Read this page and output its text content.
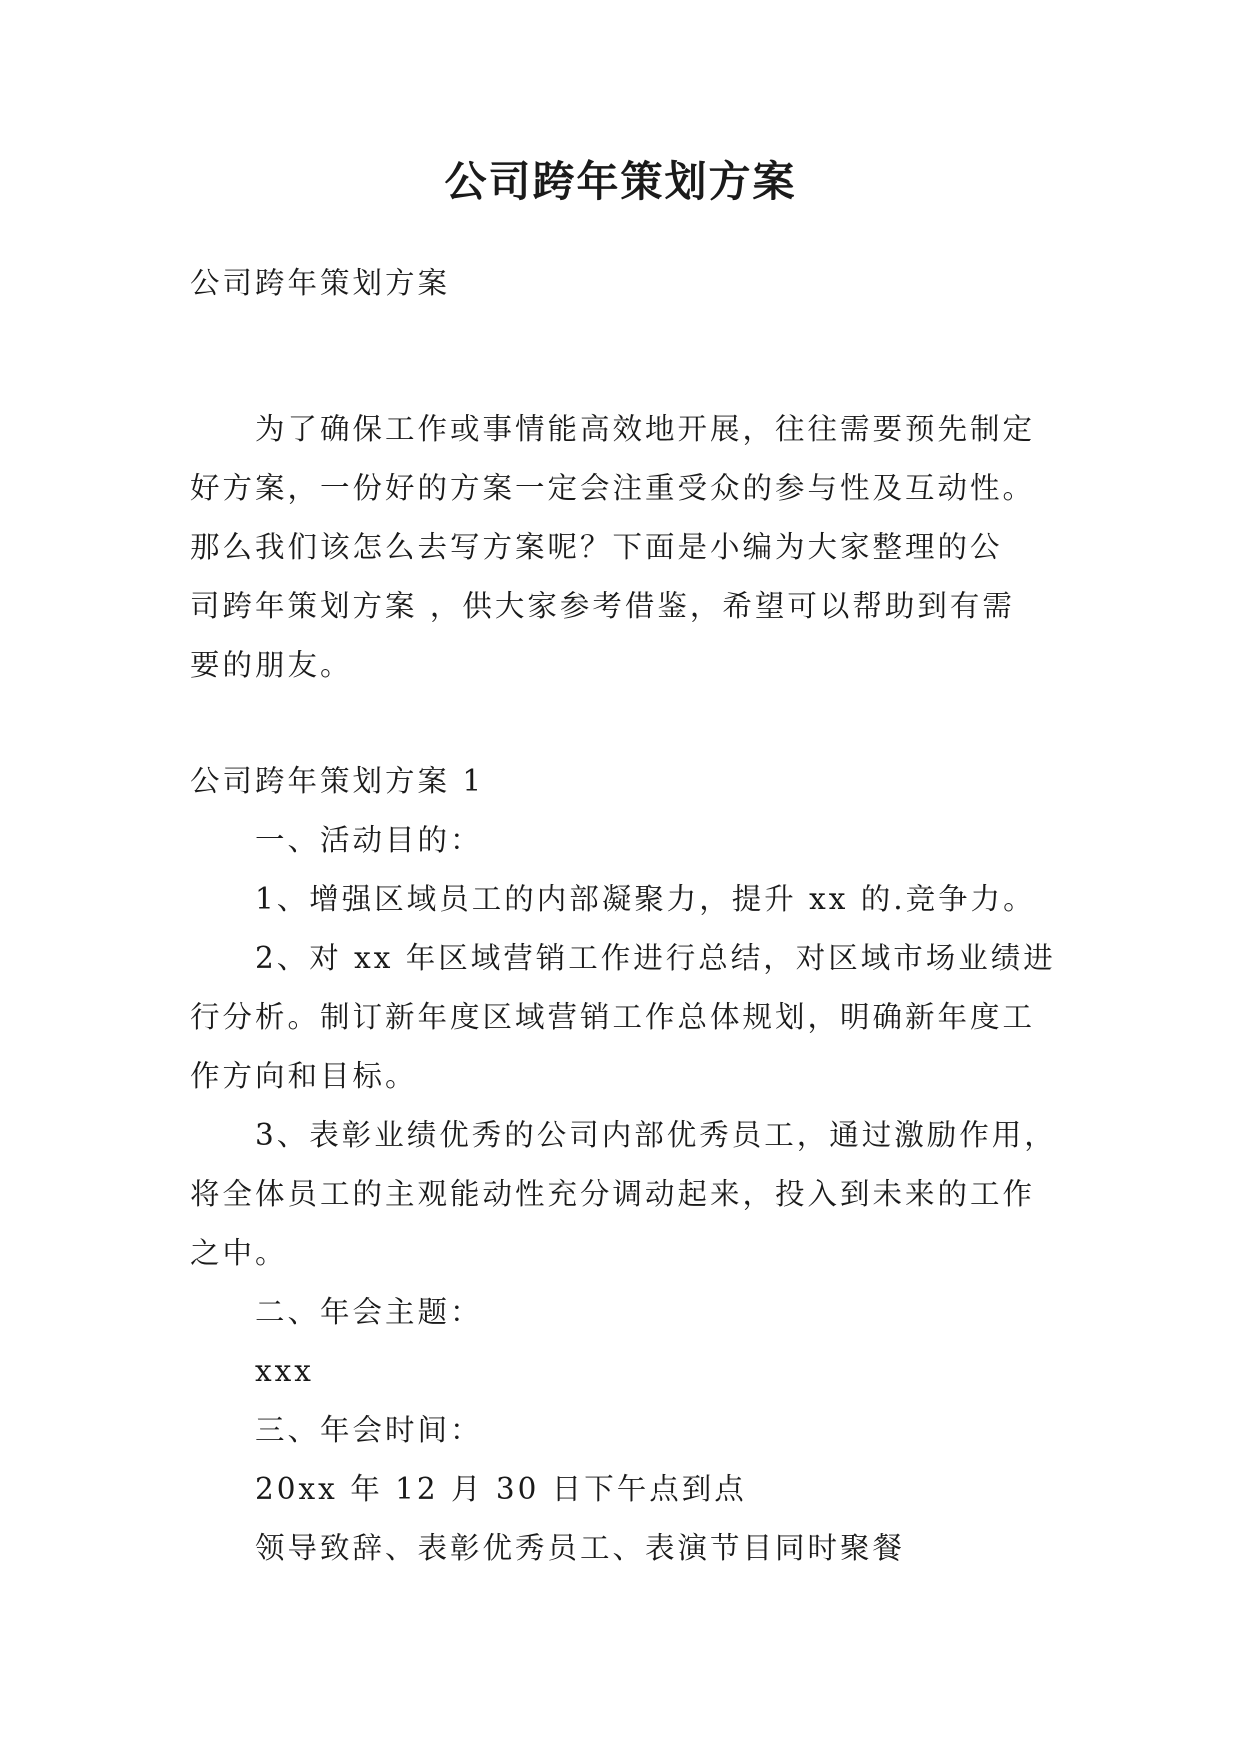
公司跨年策划方案
公司跨年策划方案
为了确保工作或事情能高效地开展，往往需要预先制定
好方案，一份好的方案一定会注重受众的参与性及互动性。
那么我们该怎么去写方案呢？下面是小编为大家整理的公
司跨年策划方案 ，供大家参考借鉴，希望可以帮助到有需
要的朋友。
公司跨年策划方案 1
一、活动目的：
1、增强区域员工的内部凝聚力，提升 xx 的.竞争力。
2、对 xx 年区域营销工作进行总结，对区域市场业绩进
行分析。制订新年度区域营销工作总体规划，明确新年度工
作方向和目标。
3、表彰业绩优秀的公司内部优秀员工，通过激励作用，
将全体员工的主观能动性充分调动起来，投入到未来的工作
之中。
二、年会主题：
xxx
三、年会时间：
20xx 年 12 月 30 日下午点到点
领导致辞、表彰优秀员工、表演节目同时聚餐
